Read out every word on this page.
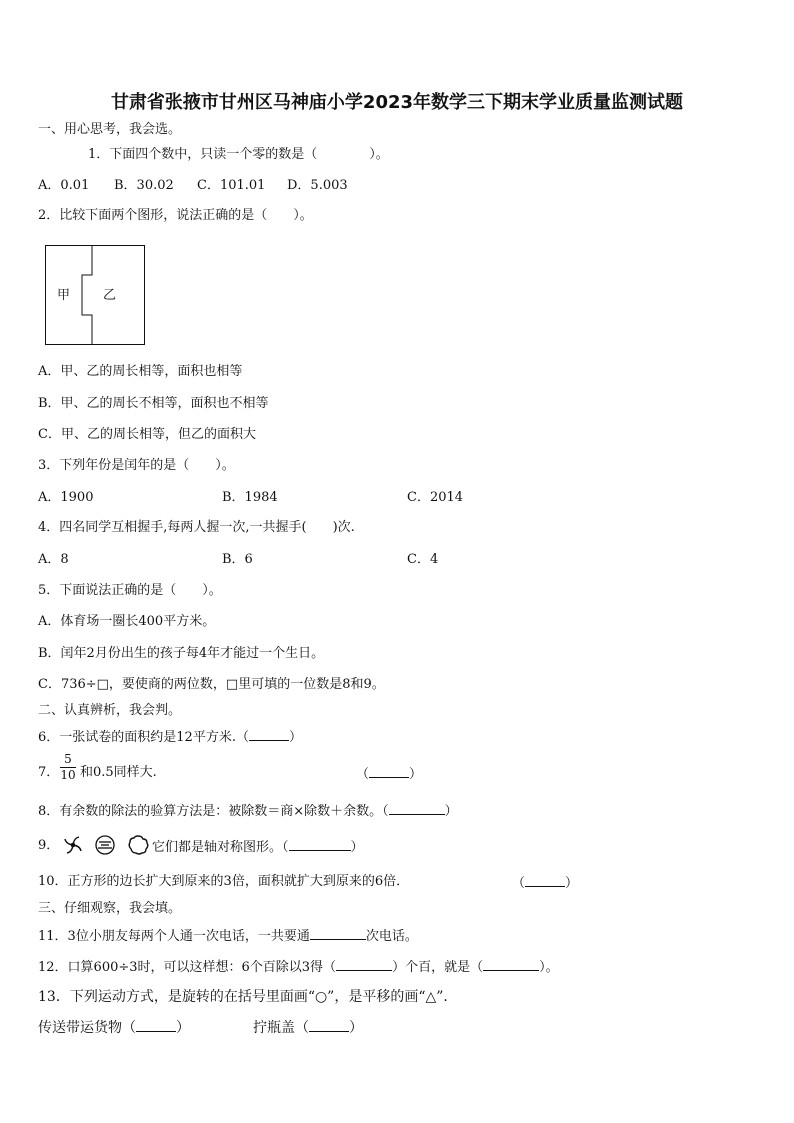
甘肃省张掖市甘州区马神庙小学2023年数学三下期末学业质量监测试题
一、用心思考，我会选。
1．下面四个数中，只读一个零的数是（　　　　）。
A．0.01 B．30.02 C．101.01 D．5.003
2．比较下面两个图形，说法正确的是（　　）。
甲	乙
A．甲、乙的周长相等，面积也相等
B．甲、乙的周长不相等，面积也不相等
C．甲、乙的周长相等，但乙的面积大
3．下列年份是闰年的是（　　）。
A．1900	B．1984	C．2014
4．四名同学互相握手,每两人握一次,一共握手(　　)次.
A．8	B．6	C．4
5．下面说法正确的是（　　）。
A．体育场一圈长400平方米。
B．闰年2月份出生的孩子每4年才能过一个生日。
C．736÷□，要使商的两位数，□里可填的一位数是8和9。
二、认真辨析，我会判。
6．一张试卷的面积约是12平方米.（	）
7． $\frac{5}{10}$ 和0.5同样大.	（	）
8．有余数的除法的验算方法是：被除数＝商×除数＋余数。（	）
9．	它们都是轴对称图形。（	）
10．正方形的边长扩大到原来的3倍，面积就扩大到原来的6倍．	（	）
三、仔细观察，我会填。
11．3位小朋友每两个人通一次电话，一共要通	次电话。
12．口算600÷3时，可以这样想：6个百除以3得（	）个百，就是（	）。
13．下列运动方式，是旋转的在括号里面画“○”，是平移的画“△”．
传送带运货物（	）	拧瓶盖（	）
